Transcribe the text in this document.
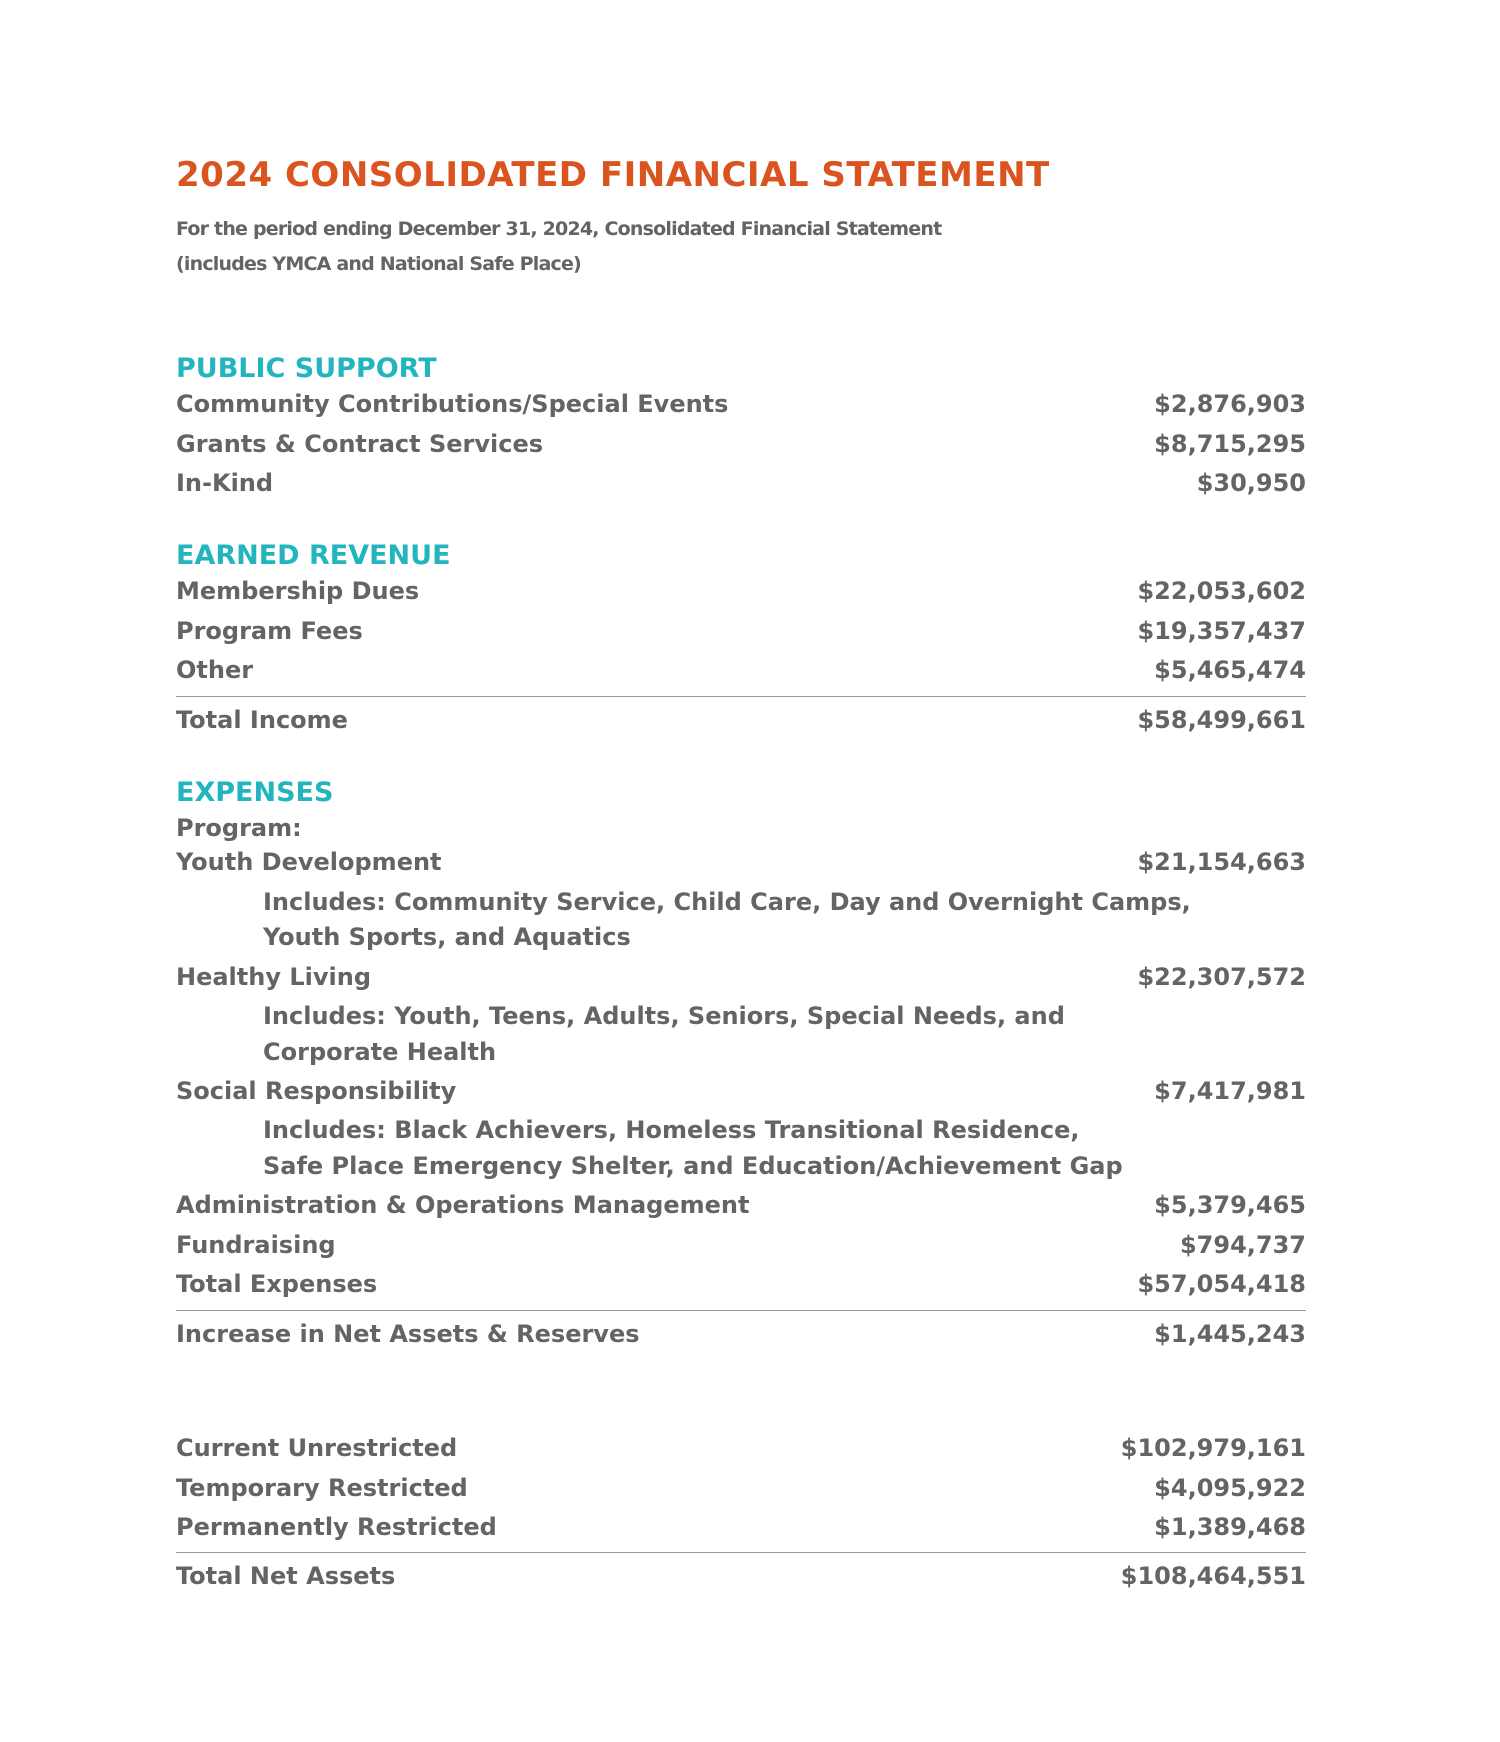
2024 CONSOLIDATED FINANCIAL STATEMENT
For the period ending December 31, 2024, Consolidated Financial Statement
(includes YMCA and National Safe Place)
PUBLIC SUPPORT
Community Contributions/Special Events	$2,876,903
Grants & Contract Services	$8,715,295
In-Kind	$30,950
EARNED REVENUE
Membership Dues	$22,053,602
Program Fees	$19,357,437
Other	$5,465,474
Total Income	$58,499,661
EXPENSES
Program:
Youth Development	$21,154,663
Includes: Community Service, Child Care, Day and Overnight Camps,
Youth Sports, and Aquatics
Healthy Living	$22,307,572
Includes: Youth, Teens, Adults, Seniors, Special Needs, and
Corporate Health
Social Responsibility	$7,417,981
Includes: Black Achievers, Homeless Transitional Residence,
Safe Place Emergency Shelter, and Education/Achievement Gap
Administration & Operations Management	$5,379,465
Fundraising	$794,737
Total Expenses	$57,054,418
Increase in Net Assets & Reserves	$1,445,243
Current Unrestricted	$102,979,161
Temporary Restricted	$4,095,922
Permanently Restricted	$1,389,468
Total Net Assets	$108,464,551
